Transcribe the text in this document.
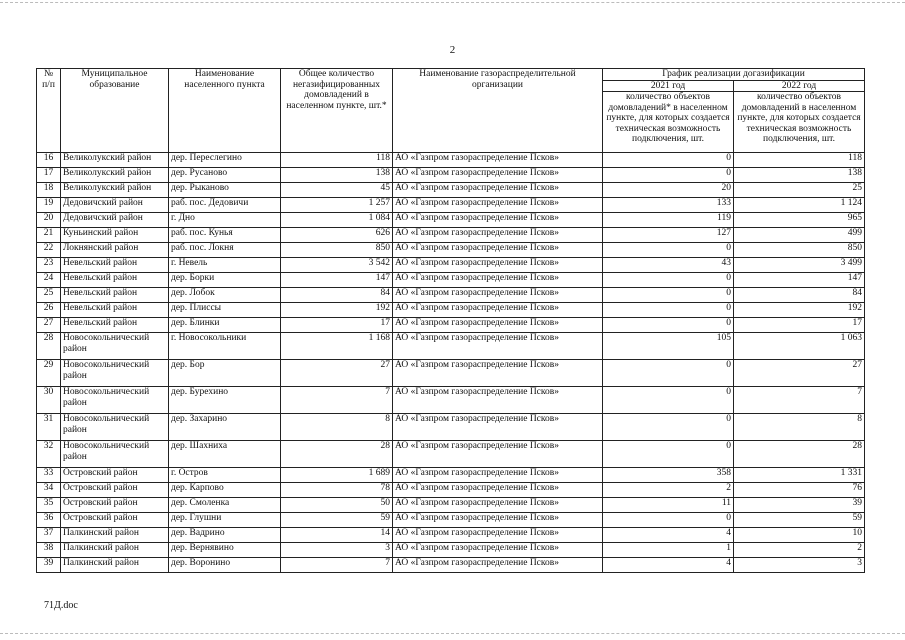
2
№ п/п	Муниципальное образование	Наименование населенного пункта	Общее количество негазифицированных домовладений в населенном пункте, шт.*	Наименование газораспределительной организации	График реализации догазификации	
					2021 год	2022 год
					количество объектов домовладений* в населенном пункте, для которых создается техническая возможность подключения, шт.	количество объектов домовладений в населенном пункте, для которых создается техническая возможность подключения, шт.
16	Великолукский район	дер. Переслегино	118	АО «Газпром газораспределение Псков»	0	118
17	Великолукский район	дер. Русаново	138	АО «Газпром газораспределение Псков»	0	138
18	Великолукский район	дер. Рыканово	45	АО «Газпром газораспределение Псков»	20	25
19	Дедовичский район	раб. пос. Дедовичи	1 257	АО «Газпром газораспределение Псков»	133	1 124
20	Дедовичский район	г. Дно	1 084	АО «Газпром газораспределение Псков»	119	965
21	Куньинский район	раб. пос. Кунья	626	АО «Газпром газораспределение Псков»	127	499
22	Локнянский район	раб. пос. Локня	850	АО «Газпром газораспределение Псков»	0	850
23	Невельский район	г. Невель	3 542	АО «Газпром газораспределение Псков»	43	3 499
24	Невельский район	дер. Борки	147	АО «Газпром газораспределение Псков»	0	147
25	Невельский район	дер. Лобок	84	АО «Газпром газораспределение Псков»	0	84
26	Невельский район	дер. Плиссы	192	АО «Газпром газораспределение Псков»	0	192
27	Невельский район	дер. Блинки	17	АО «Газпром газораспределение Псков»	0	17
28	Новосокольнический район	г. Новосокольники	1 168	АО «Газпром газораспределение Псков»	105	1 063
29	Новосокольнический район	дер. Бор	27	АО «Газпром газораспределение Псков»	0	27
30	Новосокольнический район	дер. Бурехино	7	АО «Газпром газораспределение Псков»	0	7
31	Новосокольнический район	дер. Захарино	8	АО «Газпром газораспределение Псков»	0	8
32	Новосокольнический район	дер. Шахниха	28	АО «Газпром газораспределение Псков»	0	28
33	Островский район	г. Остров	1 689	АО «Газпром газораспределение Псков»	358	1 331
34	Островский район	дер. Карпово	78	АО «Газпром газораспределение Псков»	2	76
35	Островский район	дер. Смоленка	50	АО «Газпром газораспределение Псков»	11	39
36	Островский район	дер. Глушни	59	АО «Газпром газораспределение Псков»	0	59
37	Палкинский район	дер. Вадрино	14	АО «Газпром газораспределение Псков»	4	10
38	Палкинский район	дер. Вернявино	3	АО «Газпром газораспределение Псков»	1	2
39	Палкинский район	дер. Воронино	7	АО «Газпром газораспределение Псков»	4	3
71Д.doc
